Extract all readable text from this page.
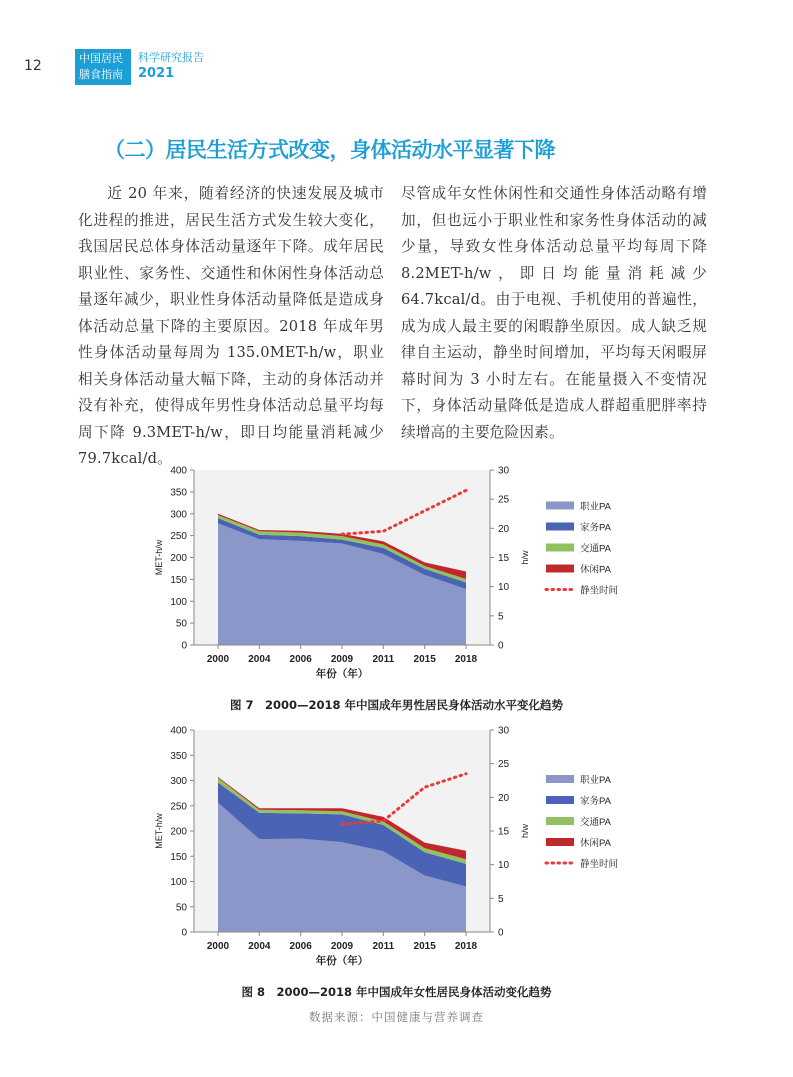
12	中国居民
膳食指南
科学研究报告
2021
（二）居民生活方式改变，身体活动水平显著下降

近 20 年来，随着经济的快速发展及城市化进程的推进，居民生活方式发生较大变化，我国居民总体身体活动量逐年下降。成年居民职业性、家务性、交通性和休闲性身体活动总量逐年减少，职业性身体活动量降低是造成身体活动总量下降的主要原因。2018 年成年男性身体活动量每周为 135.0MET-h/w，职业相关身体活动量大幅下降，主动的身体活动并没有补充，使得成年男性身体活动总量平均每周下降 9.3MET-h/w，即日均能量消耗减少 79.7kcal/d。

尽管成年女性休闲性和交通性身体活动略有增加，但也远小于职业性和家务性身体活动的减少量，导致女性身体活动总量平均每周下降 8.2MET-h/w，即日均能量消耗减少 64.7kcal/d。由于电视、手机使用的普遍性，成为成人最主要的闲暇静坐原因。成人缺乏规律自主运动，静坐时间增加，平均每天闲暇屏幕时间为 3 小时左右。在能量摄入不变情况下，身体活动量降低是造成人群超重肥胖率持续增高的主要危险因素。

0
50
100
150
200
250
300
350
400
0
5
10
15
20
25
30
2000 2004 2006 2009 2011 2015 2018
MET-h/w	h/w
年份（年）
职业PA
家务PA
交通PA
休闲PA
静坐时间
图 7　2000—2018 年中国成年男性居民身体活动水平变化趋势
0
50
100
150
200
250
300
350
400
0
5
10
15
20
25
30
2000 2004 2006 2009 2011 2015 2018
MET-h/w	h/w
年份（年）
职业PA
家务PA
交通PA
休闲PA
静坐时间
图 8　2000—2018 年中国成年女性居民身体活动变化趋势
数据来源：中国健康与营养调查
